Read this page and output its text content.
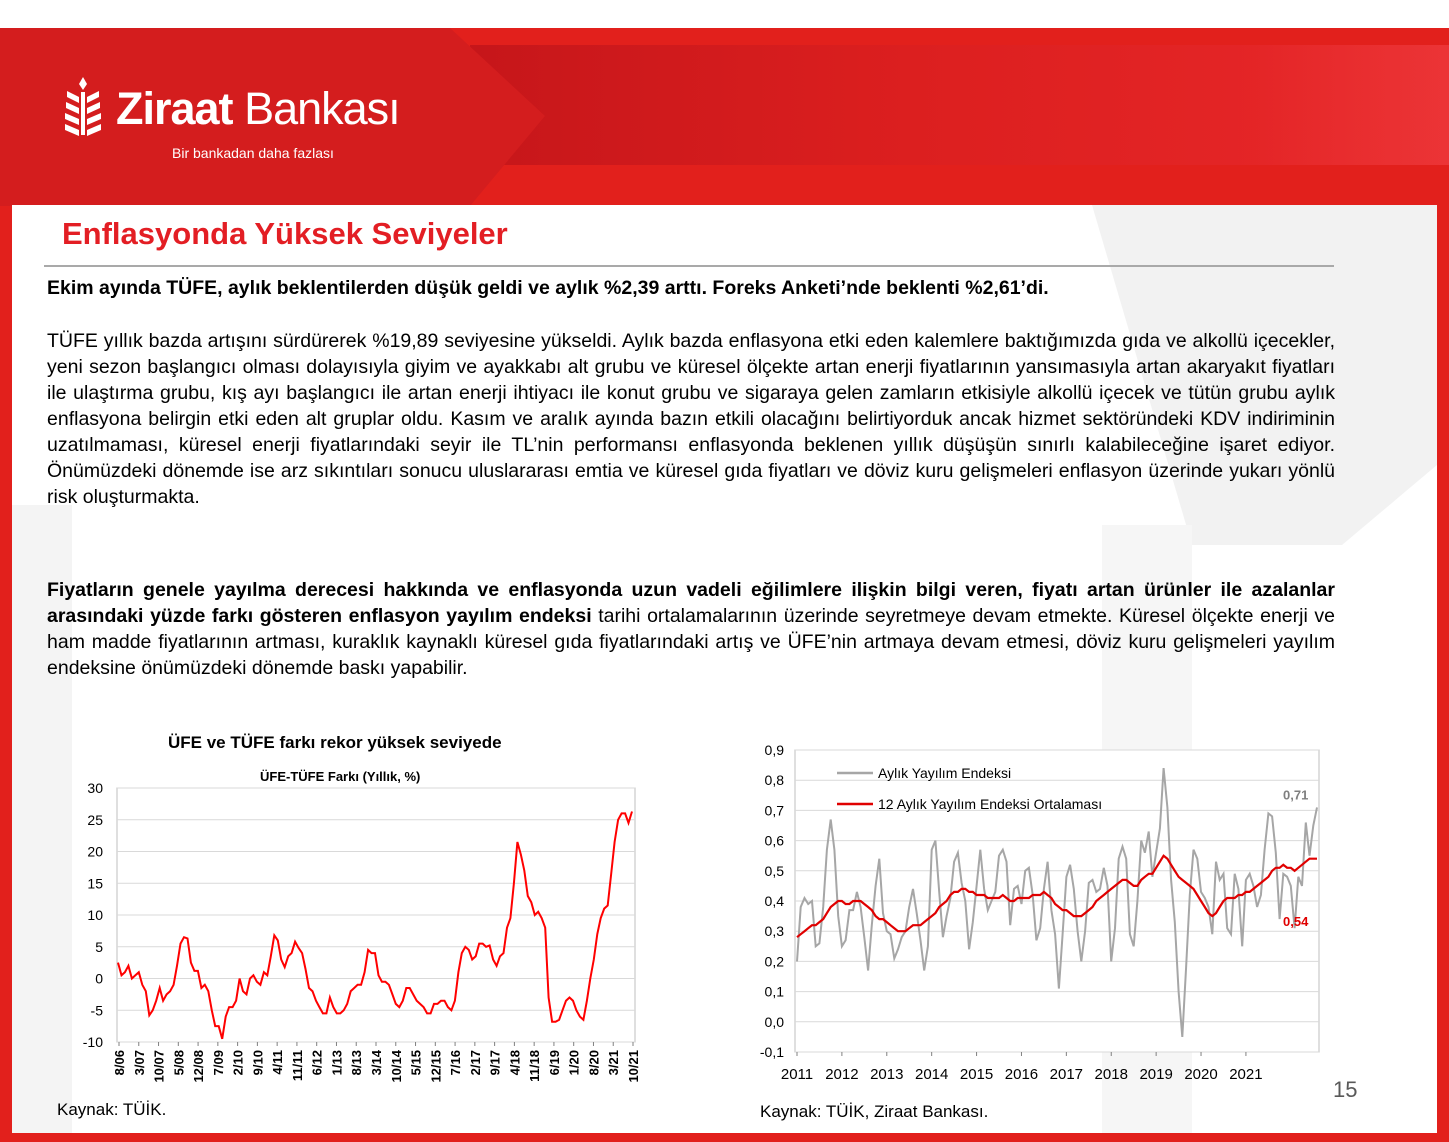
Ziraat Bankası
Bir bankadan daha fazlası
Enflasyonda Yüksek Seviyeler
Ekim ayında TÜFE, aylık beklentilerden düşük geldi ve aylık %2,39 arttı. Foreks Anketi’nde beklenti %2,61’di.
TÜFE yıllık bazda artışını sürdürerek %19,89 seviyesine yükseldi. Aylık bazda enflasyona etki eden kalemlere baktığımızda gıda ve alkollü içecekler, yeni sezon başlangıcı olması dolayısıyla giyim ve ayakkabı alt grubu ve küresel ölçekte artan enerji fiyatlarının yansımasıyla artan akaryakıt fiyatları ile ulaştırma grubu, kış ayı başlangıcı ile artan enerji ihtiyacı ile konut grubu ve sigaraya gelen zamların etkisiyle alkollü içecek ve tütün grubu aylık enflasyona belirgin etki eden alt gruplar oldu. Kasım ve aralık ayında bazın etkili olacağını belirtiyorduk ancak hizmet sektöründeki KDV indiriminin uzatılmaması, küresel enerji fiyatlarındaki seyir ile TL’nin performansı enflasyonda beklenen yıllık düşüşün sınırlı kalabileceğine işaret ediyor. Önümüzdeki dönemde ise arz sıkıntıları sonucu uluslararası emtia ve küresel gıda fiyatları ve döviz kuru gelişmeleri enflasyon üzerinde yukarı yönlü risk oluşturmakta.
Fiyatların genele yayılma derecesi hakkında ve enflasyonda uzun vadeli eğilimlere ilişkin bilgi veren, fiyatı artan ürünler ile azalanlar arasındaki yüzde farkı gösteren enflasyon yayılım endeksi tarihi ortalamalarının üzerinde seyretmeye devam etmekte. Küresel ölçekte enerji ve ham madde fiyatlarının artması, kuraklık kaynaklı küresel gıda fiyatlarındaki artış ve ÜFE’nin artmaya devam etmesi, döviz kuru gelişmeleri yayılım endeksine önümüzdeki dönemde baskı yapabilir.
ÜFE ve TÜFE farkı rekor yüksek seviyede
ÜFE-TÜFE Farkı (Yıllık, %)
30
25
20
15
10
5
0
-5
-10
8/06 3/07 10/07 5/08 12/08 7/09 2/10 9/10 4/11 11/11 6/12 1/13 8/13 3/14 10/14 5/15 12/15 7/16 2/17 9/17 4/18 11/18 6/19 1/20 8/20 3/21 10/21
0,9
0,8
0,7
0,6
0,5
0,4
0,3
0,2
0,1
0,0
-0,1
2011 2012 2013 2014 2015 2016 2017 2018 2019 2020 2021
Aylık Yayılım Endeksi
12 Aylık Yayılım Endeksi Ortalaması
0,71
0,54
Kaynak: TÜİK.	Kaynak: TÜİK, Ziraat Bankası.
15
